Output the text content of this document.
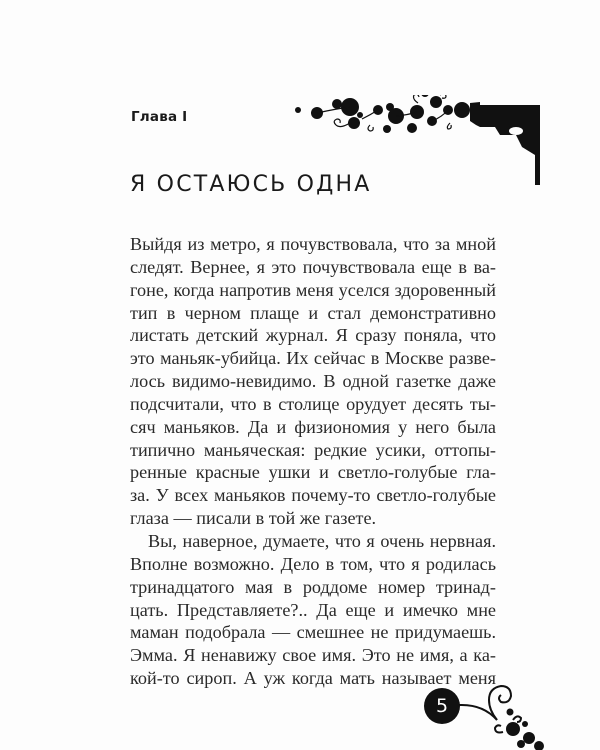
Глава I
Я ОСТАЮСЬ ОДНА
Выйдя из метро, я почувствовала, что за мной
следят. Вернее, я это почувствовала еще в ва-
гоне, когда напротив меня уселся здоровенный
тип в черном плаще и стал демонстративно
листать детский журнал. Я сразу поняла, что
это маньяк-убийца. Их сейчас в Москве разве-
лось видимо-невидимо. В одной газетке даже
подсчитали, что в столице орудует десять ты-
сяч маньяков. Да и физиономия у него была
типично маньяческая: редкие усики, оттопы-
ренные красные ушки и светло-голубые гла-
за. У всех маньяков почему-то светло-голубые
глаза — писали в той же газете.
Вы, наверное, думаете, что я очень нервная.
Вполне возможно. Дело в том, что я родилась
тринадцатого мая в роддоме номер тринад-
цать. Представляете?.. Да еще и имечко мне
маман подобрала — смешнее не придумаешь.
Эмма. Я ненавижу свое имя. Это не имя, а ка-
кой-то сироп. А уж когда мать называет меня
5
